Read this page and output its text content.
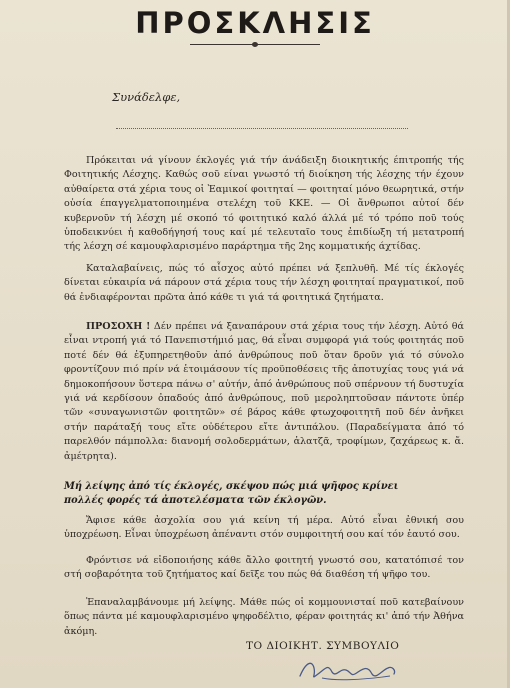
ΠΡΟΣΚΛΗΣΙΣ
Συνάδελφε,

Πρόκειται νά γίνουν έκλογές γιά τήν άνάδειξη διοικητικής έπιτροπής τής Φοιτητικής Λέσχης. Καθώς σοῦ είναι γνωστό τή διοίκηση τής λέσχης τήν έχουν αὐθαίρετα στά χέρια τους οἱ Ἐαμικοί φοιτηταί — φοιτηταί μόνο θεωρητικά, στήν οὐσία έπαγγελματοποιημένα στελέχη τοῦ ΚΚΕ. — Οἱ ἄνθρωποι αὐτοί δέν κυβερνοῦν τή λέσχη μέ σκοπό τό φοιτητικό καλό άλλά μέ τό τρόπο ποῦ τούς ὑποδεικνύει ἡ καθοδήγησή τους καί μέ τελευταῖο τους ἐπιδίωξη τή μετατροπή τής λέσχη σέ καμουφλαρισμένο παράρτημα τῆς 2ης κομματικής άχτίδας.

Καταλαβαίνεις, πώς τό αἶσχος αὐτό πρέπει νά ξεπλυθῆ. Μέ τίς έκλογές δίνεται εὐκαιρία νά πάρουν στά χέρια τους τήν λέσχη φοιτηταί πραγματικοί, ποῦ θά ἐνδιαφέρονται πρῶτα ἀπό κάθε τι γιά τά φοιτητικά ζητήματα.

ΠΡΟΣΟΧΗ ! Δέν πρέπει νά ξαναπάρουν στά χέρια τους τήν λέσχη. Αὐτό θά εἶναι ντροπή γιά τό Πανεπιστήμιό μας, θά εἶναι συμφορά γιά τούς φοιτητάς ποῦ ποτέ δέν θά ἐξυπηρετηθοῦν ἀπό ἀνθρώπους ποῦ ὅταν δροῦν γιά τό σύνολο φροντίζουν πιό πρίν νά ἑτοιμάσουν τίς προϋποθέσεις τῆς ἀποτυχίας τους γιά νά δημοκοπήσουν ὕστερα πάνω σ' αὐτήν, ἀπό ἀνθρώπους ποῦ σπέρνουν τή δυστυχία γιά νά κερδίσουν ὀπαδούς ἀπό ἀνθρώπους, ποῦ μεροληπτοῦσαν πάντοτε ὑπέρ τῶν «συναγωνιστῶν φοιτητῶν» σέ βάρος κάθε φτωχοφοιτητῆ ποῦ δέν ἀνῆκει στήν παράταξή τους εἴτε οὐδέτερου εἴτε ἀντιπάλου. (Παραδείγματα ἀπό τό παρελθόν πάμπολλα: διανομή σολοδερμάτων, ἀλατζᾶ, τροφίμων, ζαχάρεως κ. ἄ. ἀμέτρητα).

Μή λείψης ἀπό τίς έκλογές, σκέψου πώς μιά ψῆφος κρίνει
πολλές φορές τά ἀποτελέσματα τῶν έκλογῶν.

Ἄφισε κάθε ἀσχολία σου γιά κείνη τή μέρα. Αὐτό εἶναι ἐθνική σου ὑποχρέωση. Εἶναι ὑποχρέωση ἀπέναντι στόν συμφοιτητή σου καί τόν ἑαυτό σου.

Φρόντισε νά εἰδοποιήσης κάθε ἄλλο φοιτητή γνωστό σου, κατατόπισέ τον στή σοβαρότητα τοῦ ζητήματος καί δεῖξε του πώς θά διαθέση τή ψῆφο του.

Ἐπαναλαμβάνουμε μή λείψης. Μάθε πώς οἱ κομμουνισταί ποῦ κατεβαίνουν ὅπως πάντα μέ καμουφλαρισμένο ψηφοδέλτιο, φέραν φοιτητάς κι' ἀπό τήν Ἀθήνα ἀκόμη.

ΤΟ ΔΙΟΙΚΗΤ. ΣΥΜΒΟΥΛΙΟ
